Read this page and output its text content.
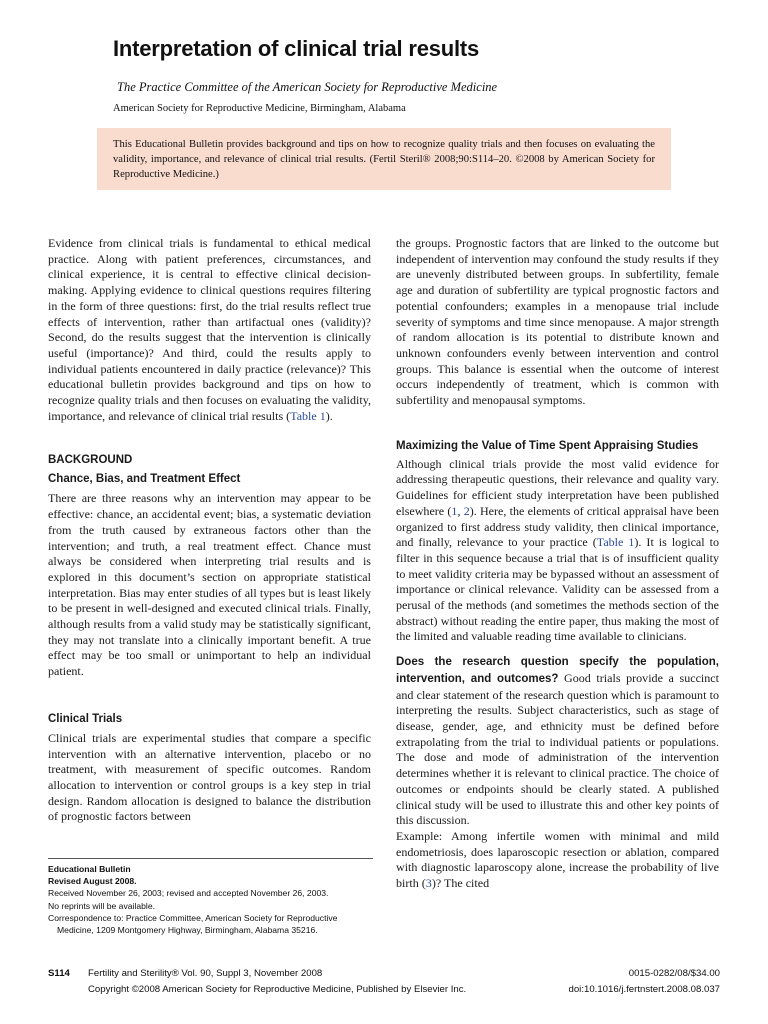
Interpretation of clinical trial results
The Practice Committee of the American Society for Reproductive Medicine
American Society for Reproductive Medicine, Birmingham, Alabama
This Educational Bulletin provides background and tips on how to recognize quality trials and then focuses on evaluating the validity, importance, and relevance of clinical trial results. (Fertil Steril® 2008;90:S114–20. ©2008 by American Society for Reproductive Medicine.)

Evidence from clinical trials is fundamental to ethical medical practice. Along with patient preferences, circumstances, and clinical experience, it is central to effective clinical decision-making. Applying evidence to clinical questions requires filtering in the form of three questions: first, do the trial results reflect true effects of intervention, rather than artifactual ones (validity)? Second, do the results suggest that the intervention is clinically useful (importance)? And third, could the results apply to individual patients encountered in daily practice (relevance)? This educational bulletin provides background and tips on how to recognize quality trials and then focuses on evaluating the validity, importance, and relevance of clinical trial results (Table 1).

BACKGROUND
Chance, Bias, and Treatment Effect

There are three reasons why an intervention may appear to be effective: chance, an accidental event; bias, a systematic deviation from the truth caused by extraneous factors other than the intervention; and truth, a real treatment effect. Chance must always be considered when interpreting trial results and is explored in this document’s section on appropriate statistical interpretation. Bias may enter studies of all types but is least likely to be present in well-designed and executed clinical trials. Finally, although results from a valid study may be statistically significant, they may not translate into a clinically important benefit. A true effect may be too small or unimportant to help an individual patient.

Clinical Trials

Clinical trials are experimental studies that compare a specific intervention with an alternative intervention, placebo or no treatment, with measurement of specific outcomes. Random allocation to intervention or control groups is a key step in trial design. Random allocation is designed to balance the distribution of prognostic factors between

the groups. Prognostic factors that are linked to the outcome but independent of intervention may confound the study results if they are unevenly distributed between groups. In subfertility, female age and duration of subfertility are typical prognostic factors and potential confounders; examples in a menopause trial include severity of symptoms and time since menopause. A major strength of random allocation is its potential to distribute known and unknown confounders evenly between intervention and control groups. This balance is essential when the outcome of interest occurs independently of treatment, which is common with subfertility and menopausal symptoms.

Maximizing the Value of Time Spent Appraising Studies

Although clinical trials provide the most valid evidence for addressing therapeutic questions, their relevance and quality vary. Guidelines for efficient study interpretation have been published elsewhere (1, 2). Here, the elements of critical appraisal have been organized to first address study validity, then clinical importance, and finally, relevance to your practice (Table 1). It is logical to filter in this sequence because a trial that is of insufficient quality to meet validity criteria may be bypassed without an assessment of importance or clinical relevance. Validity can be assessed from a perusal of the methods (and sometimes the methods section of the abstract) without reading the entire paper, thus making the most of the limited and valuable reading time available to clinicians.

Does the research question specify the population, intervention, and outcomes? Good trials provide a succinct and clear statement of the research question which is paramount to interpreting the results. Subject characteristics, such as stage of disease, gender, age, and ethnicity must be defined before extrapolating from the trial to individual patients or populations. The dose and mode of administration of the intervention determines whether it is relevant to clinical practice. The choice of outcomes or endpoints should be clearly stated. A published clinical study will be used to illustrate this and other key points of this discussion.

Example: Among infertile women with minimal and mild endometriosis, does laparoscopic resection or ablation, compared with diagnostic laparoscopy alone, increase the probability of live birth (3)? The cited

Educational Bulletin
Revised August 2008.
Received November 26, 2003; revised and accepted November 26, 2003.
No reprints will be available.
Correspondence to: Practice Committee, American Society for Reproductive Medicine, 1209 Montgomery Highway, Birmingham, Alabama 35216.
S114 Fertility and Sterility® Vol. 90, Suppl 3, November 2008
Copyright ©2008 American Society for Reproductive Medicine, Published by Elsevier Inc.
0015-0282/08/$34.00
doi:10.1016/j.fertnstert.2008.08.037
